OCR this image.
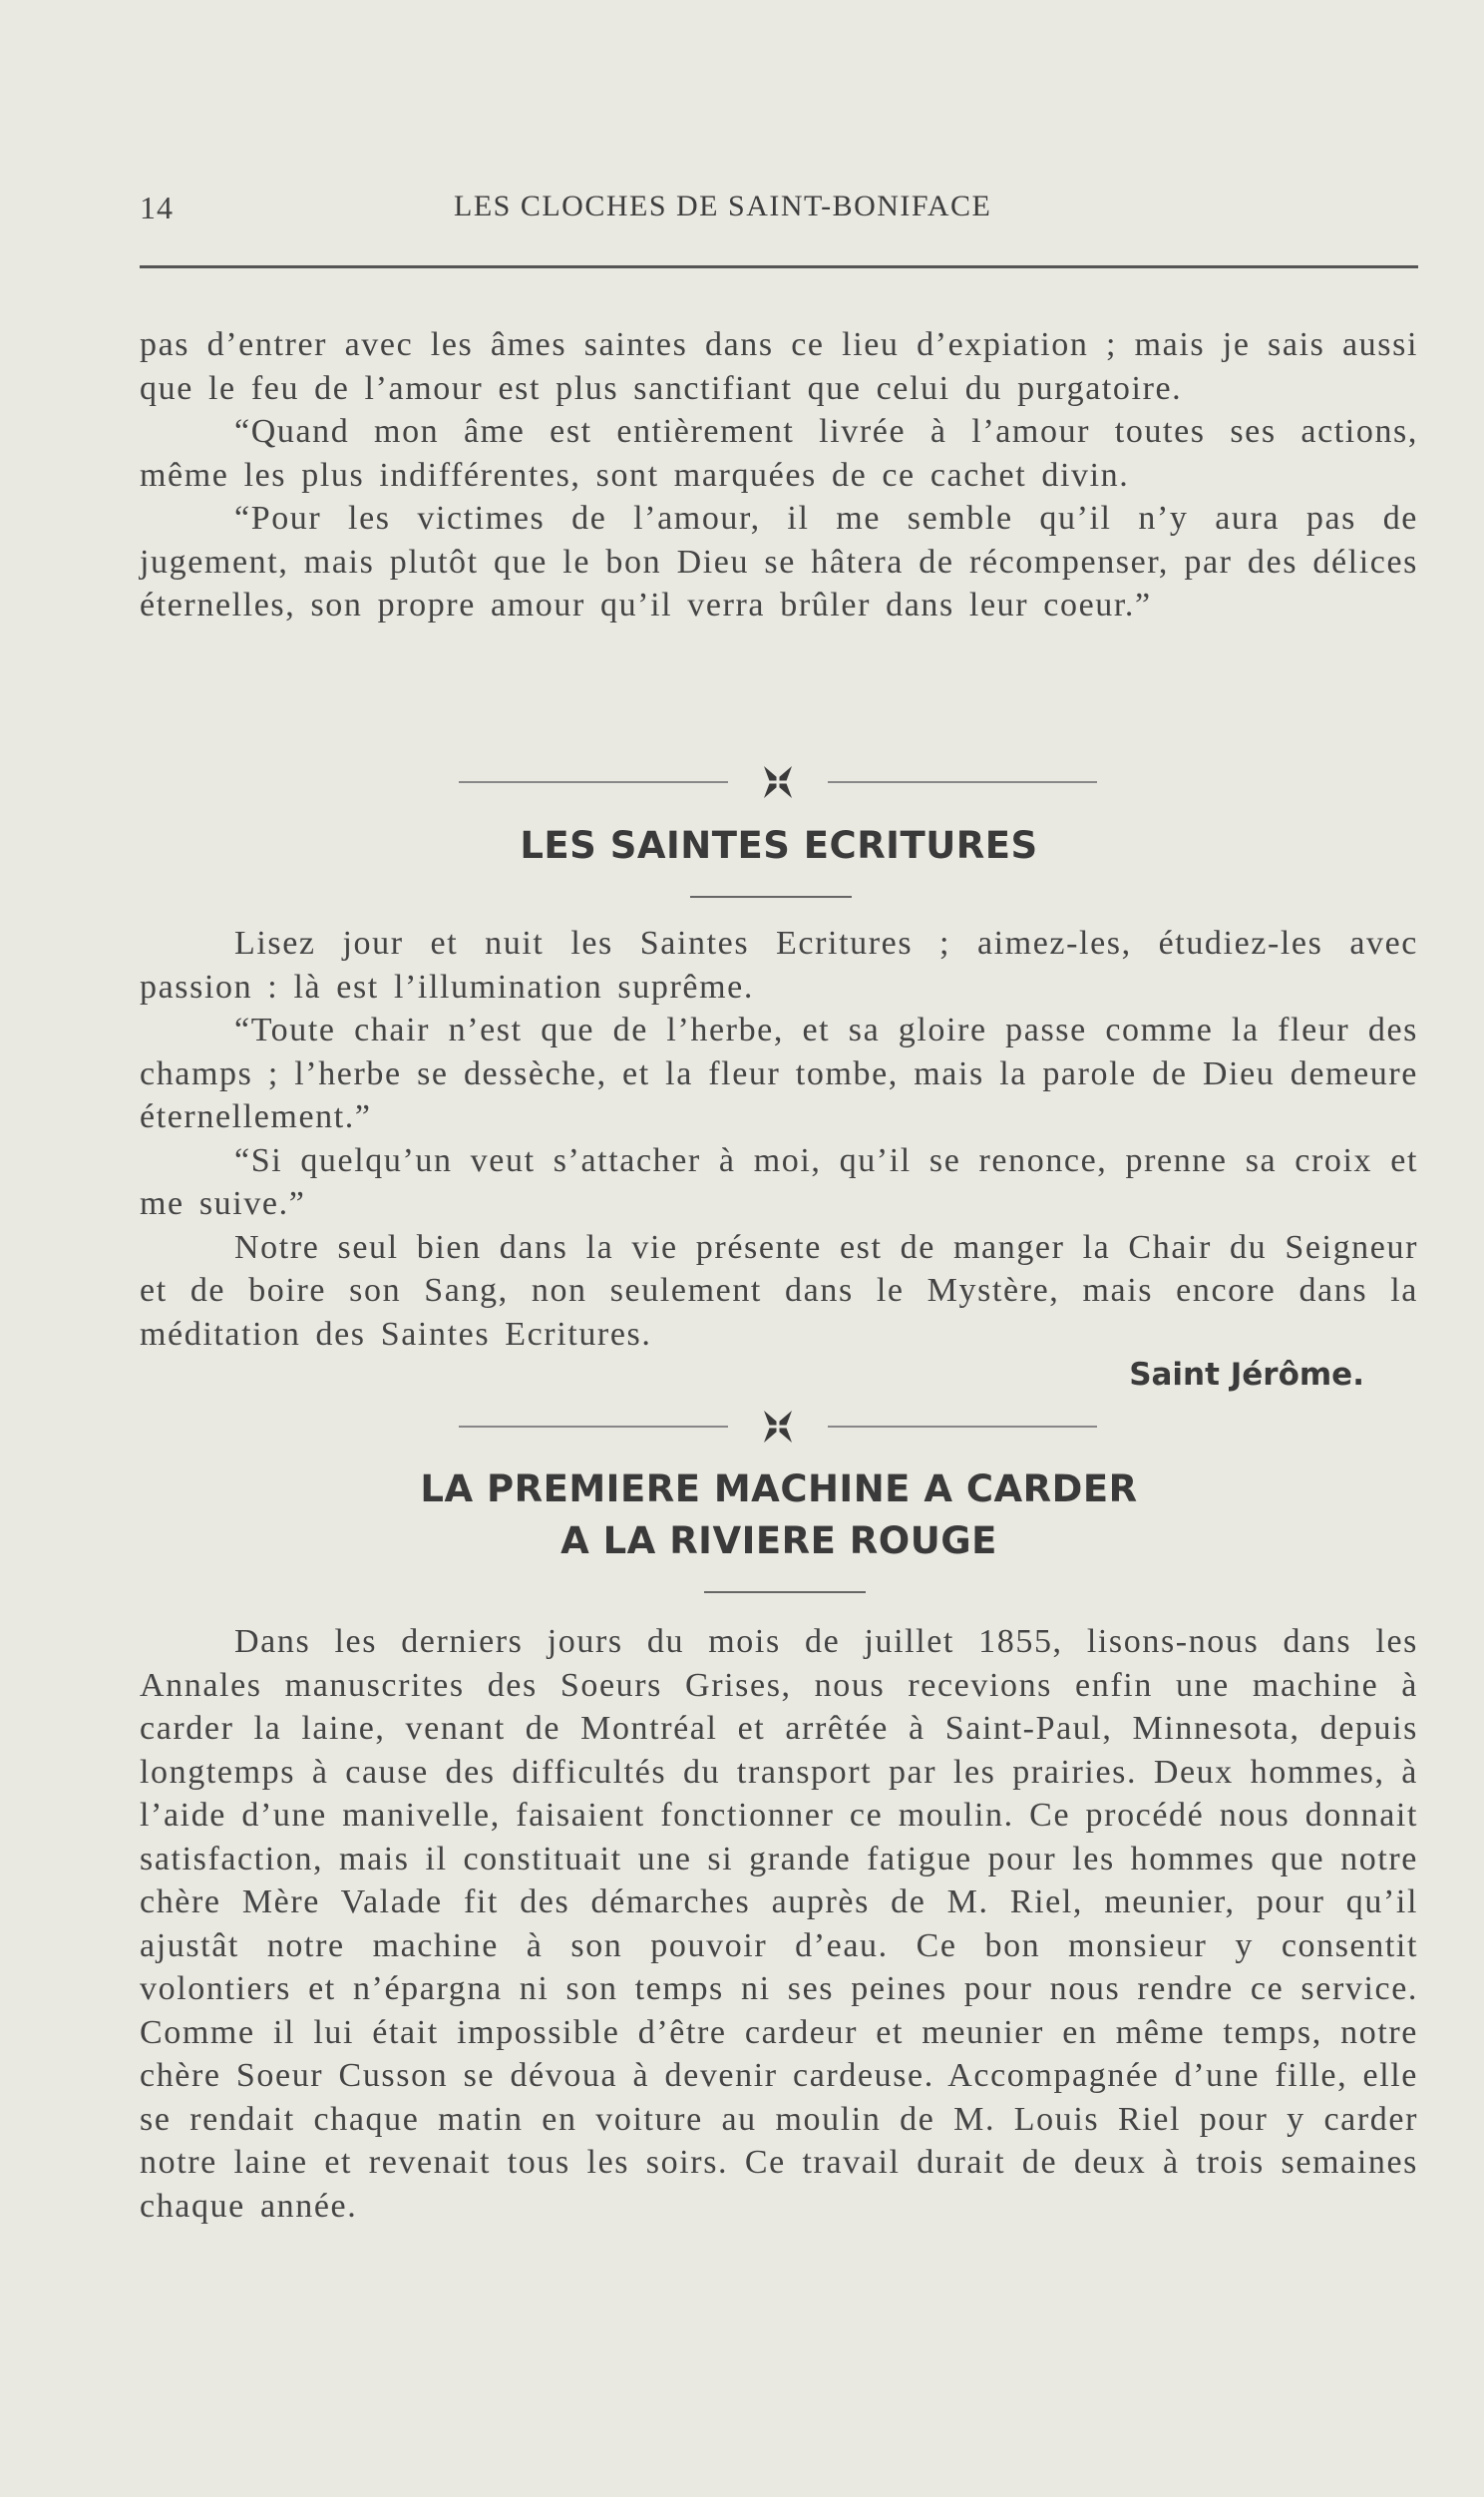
14	LES CLOCHES DE SAINT-BONIFACE

pas d’entrer avec les âmes saintes dans ce lieu d’expiation ; mais je sais aussi que le feu de l’amour est plus sanctifiant que celui du purgatoire.

“Quand mon âme est entièrement livrée à l’amour toutes ses actions, même les plus indifférentes, sont marquées de ce cachet divin.

“Pour les victimes de l’amour, il me semble qu’il n’y aura pas de jugement, mais plutôt que le bon Dieu se hâtera de récompenser, par des délices éternelles, son propre amour qu’il verra brûler dans leur coeur.”

LES SAINTES ECRITURES

Lisez jour et nuit les Saintes Ecritures ; aimez-les, étudiez-les avec passion : là est l’illumination suprême.

“Toute chair n’est que de l’herbe, et sa gloire passe comme la fleur des champs ; l’herbe se dessèche, et la fleur tombe, mais la parole de Dieu demeure éternellement.”

“Si quelqu’un veut s’attacher à moi, qu’il se renonce, prenne sa croix et me suive.”

Notre seul bien dans la vie présente est de manger la Chair du Seigneur et de boire son Sang, non seulement dans le Mystère, mais encore dans la méditation des Saintes Ecritures.

Saint Jérôme.
LA PREMIERE MACHINE A CARDER
A LA RIVIERE ROUGE

Dans les derniers jours du mois de juillet 1855, lisons-nous dans les Annales manuscrites des Soeurs Grises, nous recevions enfin une machine à carder la laine, venant de Montréal et arrêtée à Saint-Paul, Minnesota, depuis longtemps à cause des difficultés du transport par les prairies. Deux hommes, à l’aide d’une manivelle, faisaient fonctionner ce moulin. Ce procédé nous donnait satisfaction, mais il constituait une si grande fatigue pour les hommes que notre chère Mère Valade fit des démarches auprès de M. Riel, meunier, pour qu’il ajustât notre machine à son pouvoir d’eau. Ce bon monsieur y consentit volontiers et n’épargna ni son temps ni ses peines pour nous rendre ce service. Comme il lui était impossible d’être cardeur et meunier en même temps, notre chère Soeur Cusson se dévoua à devenir cardeuse. Accompagnée d’une fille, elle se rendait chaque matin en voiture au moulin de M. Louis Riel pour y carder notre laine et revenait tous les soirs. Ce travail durait de deux à trois semaines chaque année.
